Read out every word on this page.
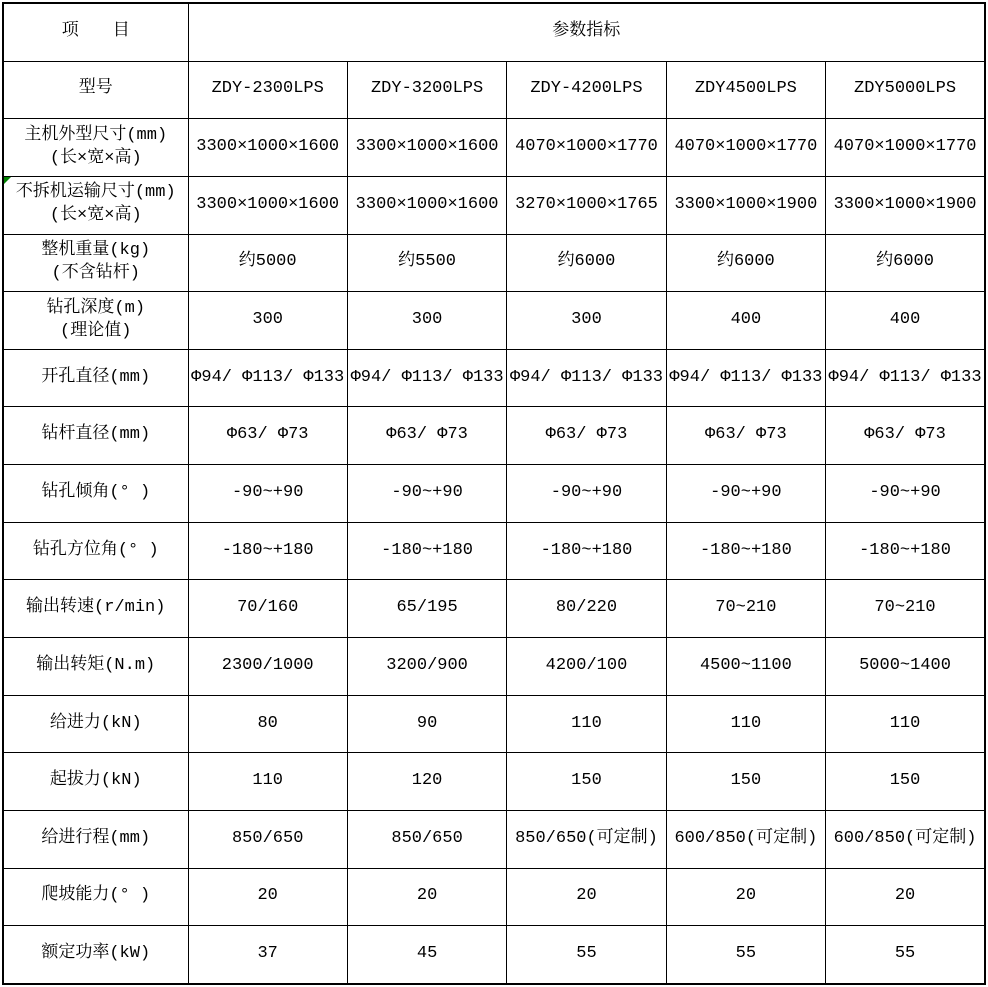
项　　目	参数指标				
型号	ZDY-2300LPS	ZDY-3200LPS	ZDY-4200LPS	ZDY4500LPS	ZDY5000LPS

主机外型尺寸(mm)
(长×宽×高)	3300×1000×1600	3300×1000×1600	4070×1000×1770	4070×1000×1770	4070×1000×1770

不拆机运输尺寸(mm)
(长×宽×高)	3300×1000×1600	3300×1000×1600	3270×1000×1765	3300×1000×1900	3300×1000×1900

整机重量(kg)
(不含钻杆)	约5000	约5500	约6000	约6000	约6000

钻孔深度(m)
(理论值)	300	300	300	400	400

开孔直径(mm)	Φ94/ Φ113/ Φ133	Φ94/ Φ113/ Φ133	Φ94/ Φ113/ Φ133	Φ94/ Φ113/ Φ133	Φ94/ Φ113/ Φ133

钻杆直径(mm)	Φ63/ Φ73	Φ63/ Φ73	Φ63/ Φ73	Φ63/ Φ73	Φ63/ Φ73

钻孔倾角(° )	-90~+90	-90~+90	-90~+90	-90~+90	-90~+90

钻孔方位角(° )	-180~+180	-180~+180	-180~+180	-180~+180	-180~+180

输出转速(r/min)	70/160	65/195	80/220	70~210	70~210

输出转矩(N.m)	2300/1000	3200/900	4200/100	4500~1100	5000~1400

给进力(kN)	80	90	110	110	110

起拔力(kN)	110	120	150	150	150

给进行程(mm)	850/650	850/650	850/650(可定制)	600/850(可定制)	600/850(可定制)

爬坡能力(° )	20	20	20	20	20

额定功率(kW)	37	45	55	55	55
